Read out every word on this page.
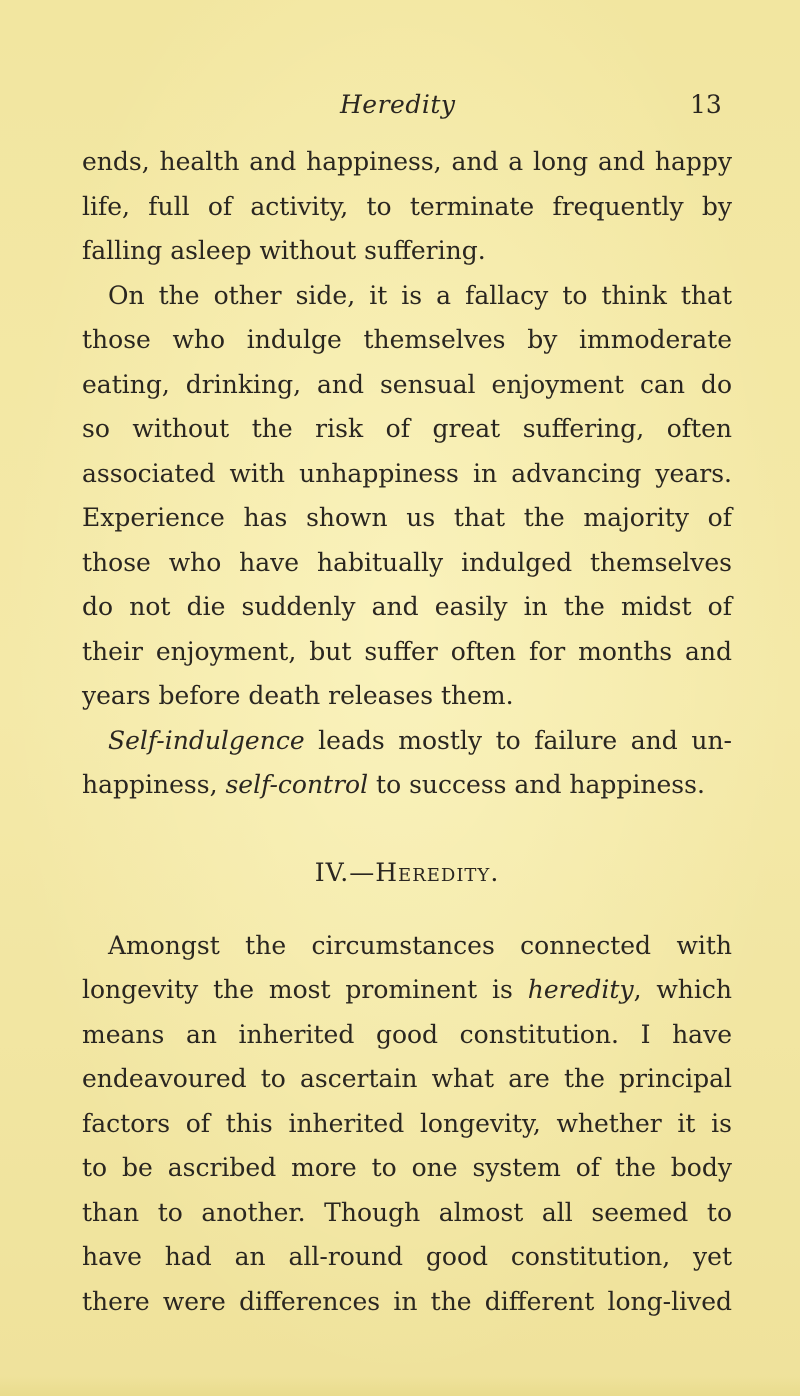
Heredity	13
ends, health and happiness, and a long and happy
life, full of activity, to terminate frequently by
falling asleep without suffering.
On the other side, it is a fallacy to think that
those who indulge themselves by immoderate
eating, drinking, and sensual enjoyment can do
so without the risk of great suffering, often
associated with unhappiness in advancing years.
Experience has shown us that the majority of
those who have habitually indulged themselves
do not die suddenly and easily in the midst of
their enjoyment, but suffer often for months and
years before death releases them.
Self-indulgence leads mostly to failure and un-
happiness, self-control to success and happiness.
IV.—Heredity.
Amongst the circumstances connected with
longevity the most prominent is heredity, which
means an inherited good constitution. I have
endeavoured to ascertain what are the principal
factors of this inherited longevity, whether it is
to be ascribed more to one system of the body
than to another. Though almost all seemed to
have had an all-round good constitution, yet
there were differences in the different long-lived
